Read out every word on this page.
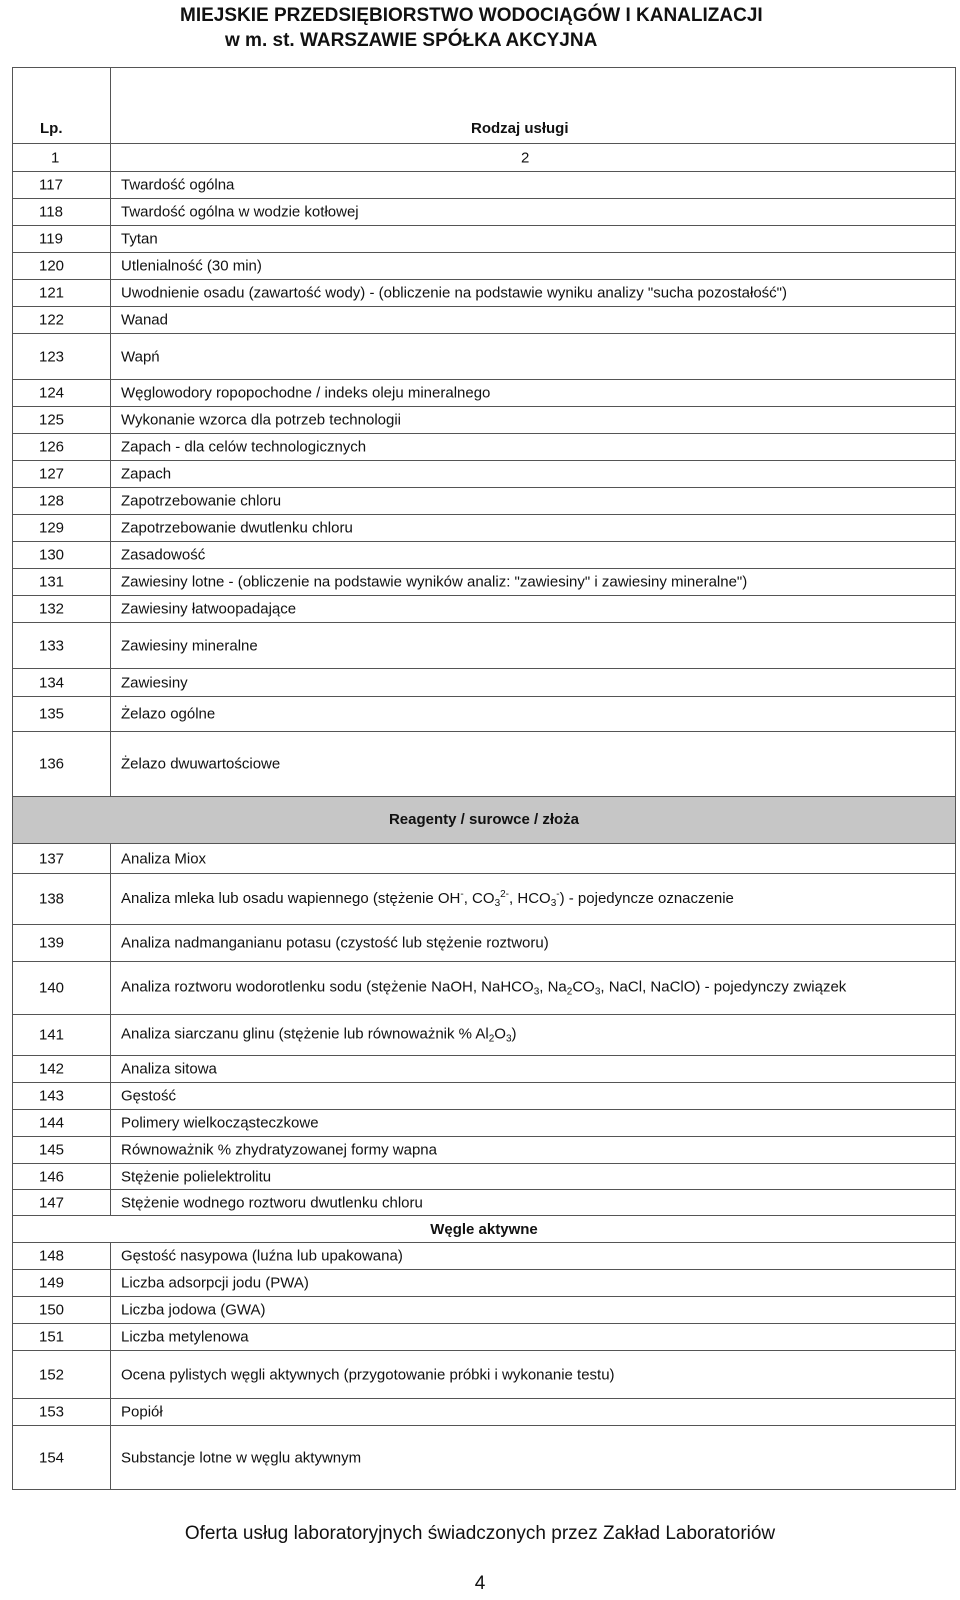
MIEJSKIE PRZEDSIĘBIORSTWO WODOCIĄGÓW I KANALIZACJI
w m. st. WARSZAWIE SPÓŁKA AKCYJNA
Lp.	Rodzaj usługi
1	2
117	Twardość ogólna
118	Twardość ogólna w wodzie kotłowej
119	Tytan
120	Utlenialność (30 min)
121	Uwodnienie osadu (zawartość wody) - (obliczenie na podstawie wyniku analizy "sucha pozostałość")
122	Wanad
123	Wapń
124	Węglowodory ropopochodne / indeks oleju mineralnego
125	Wykonanie wzorca dla potrzeb technologii
126	Zapach - dla celów technologicznych
127	Zapach
128	Zapotrzebowanie chloru
129	Zapotrzebowanie dwutlenku chloru
130	Zasadowość
131	Zawiesiny lotne - (obliczenie na podstawie wyników analiz: "zawiesiny" i zawiesiny mineralne")
132	Zawiesiny łatwoopadające
133	Zawiesiny mineralne
134	Zawiesiny
135	Żelazo ogólne
136	Żelazo dwuwartościowe
Reagenty / surowce / złoża
137	Analiza Miox
138	Analiza mleka lub osadu wapiennego (stężenie OH-, $CO_3^{2-}$, $HCO_3^-$) - pojedyncze oznaczenie
139	Analiza nadmanganianu potasu (czystość lub stężenie roztworu)
140	Analiza roztworu wodorotlenku sodu (stężenie NaOH, NaHCO$_3$, $Na_2CO_3$, NaCl, NaClO) - pojedynczy związek
141	Analiza siarczanu glinu (stężenie lub równoważnik % $Al_2O_3$)
142	Analiza sitowa
143	Gęstość
144	Polimery wielkocząsteczkowe
145	Równoważnik % zhydratyzowanej formy wapna
146	Stężenie polielektrolitu
147	Stężenie wodnego roztworu dwutlenku chloru
Węgle aktywne
148	Gęstość nasypowa (luźna lub upakowana)
149	Liczba adsorpcji jodu (PWA)
150	Liczba jodowa (GWA)
151	Liczba metylenowa
152	Ocena pylistych węgli aktywnych (przygotowanie próbki i wykonanie testu)
153	Popiół
154	Substancje lotne w węglu aktywnym
Oferta usług laboratoryjnych świadczonych przez Zakład Laboratoriów
4
